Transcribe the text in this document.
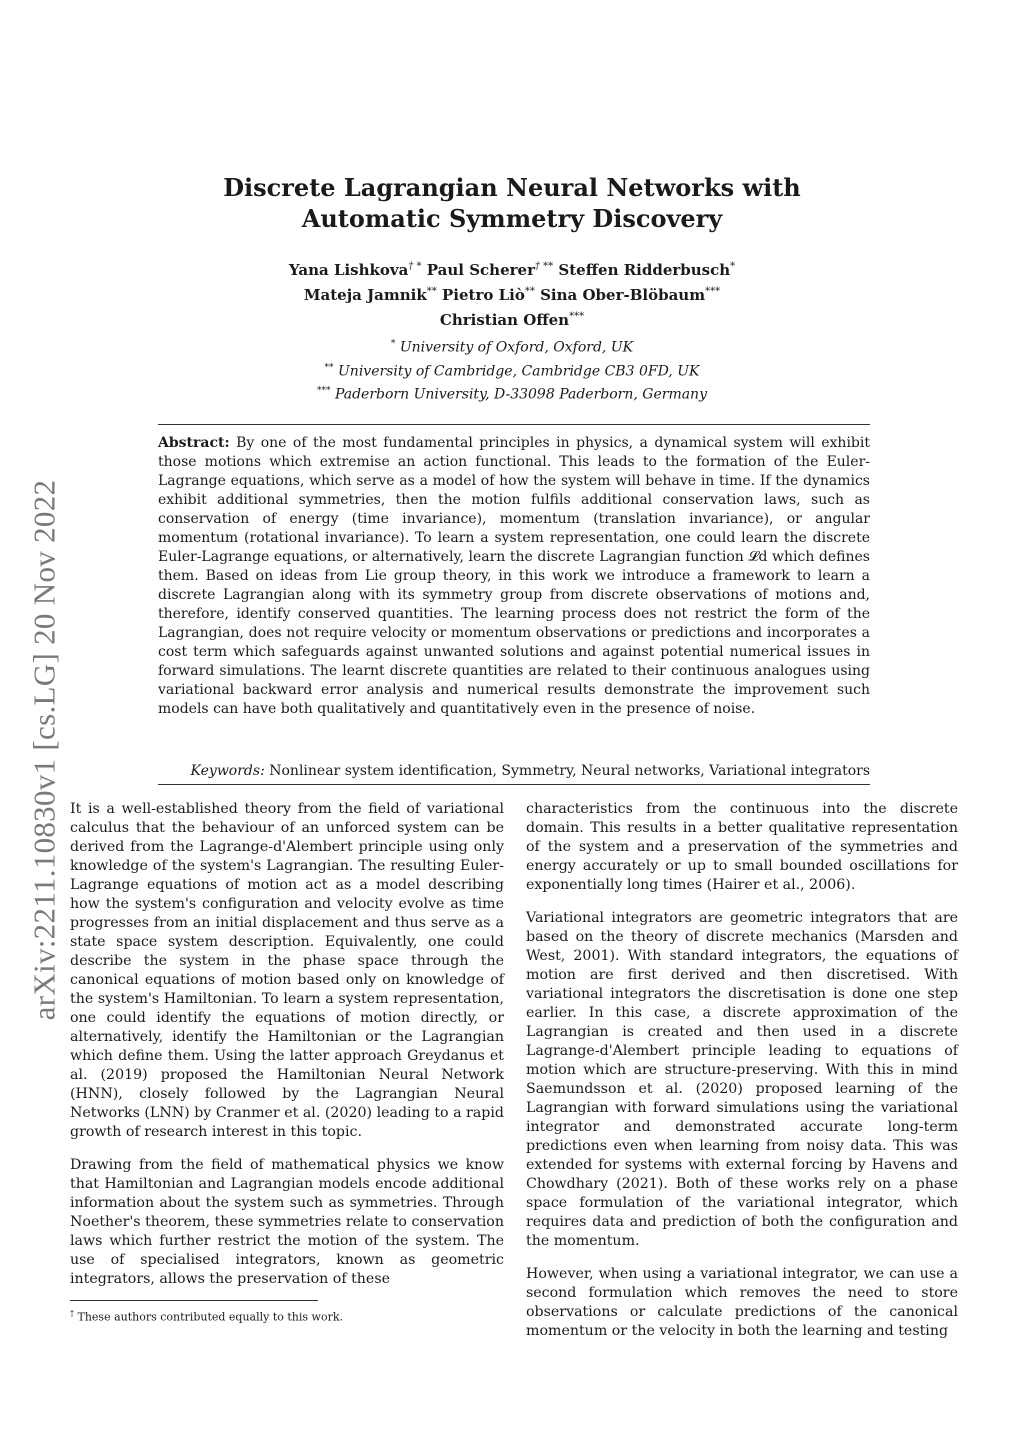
arXiv:2211.10830v1 [cs.LG] 20 Nov 2022
Discrete Lagrangian Neural Networks with
Automatic Symmetry Discovery
Yana Lishkova† * Paul Scherer† ** Steffen Ridderbusch*
Mateja Jamnik** Pietro Liò** Sina Ober-Blöbaum***
Christian Offen***
* University of Oxford, Oxford, UK
** University of Cambridge, Cambridge CB3 0FD, UK
*** Paderborn University, D-33098 Paderborn, Germany
Abstract: By one of the most fundamental principles in physics, a dynamical system will exhibit those motions which extremise an action functional. This leads to the formation of the Euler-Lagrange equations, which serve as a model of how the system will behave in time. If the dynamics exhibit additional symmetries, then the motion fulfils additional conservation laws, such as conservation of energy (time invariance), momentum (translation invariance), or angular momentum (rotational invariance). To learn a system representation, one could learn the discrete Euler-Lagrange equations, or alternatively, learn the discrete Lagrangian function 𝓛d which defines them. Based on ideas from Lie group theory, in this work we introduce a framework to learn a discrete Lagrangian along with its symmetry group from discrete observations of motions and, therefore, identify conserved quantities. The learning process does not restrict the form of the Lagrangian, does not require velocity or momentum observations or predictions and incorporates a cost term which safeguards against unwanted solutions and against potential numerical issues in forward simulations. The learnt discrete quantities are related to their continuous analogues using variational backward error analysis and numerical results demonstrate the improvement such models can have both qualitatively and quantitatively even in the presence of noise.
Keywords: Nonlinear system identification, Symmetry, Neural networks, Variational integrators

It is a well-established theory from the field of variational calculus that the behaviour of an unforced system can be derived from the Lagrange-d'Alembert principle using only knowledge of the system's Lagrangian. The resulting Euler-Lagrange equations of motion act as a model describing how the system's configuration and velocity evolve as time progresses from an initial displacement and thus serve as a state space system description. Equivalently, one could describe the system in the phase space through the canonical equations of motion based only on knowledge of the system's Hamiltonian. To learn a system representation, one could identify the equations of motion directly, or alternatively, identify the Hamiltonian or the Lagrangian which define them. Using the latter approach Greydanus et al. (2019) proposed the Hamiltonian Neural Network (HNN), closely followed by the Lagrangian Neural Networks (LNN) by Cranmer et al. (2020) leading to a rapid growth of research interest in this topic.

Drawing from the field of mathematical physics we know that Hamiltonian and Lagrangian models encode additional information about the system such as symmetries. Through Noether's theorem, these symmetries relate to conservation laws which further restrict the motion of the system. The use of specialised integrators, known as geometric integrators, allows the preservation of these

characteristics from the continuous into the discrete domain. This results in a better qualitative representation of the system and a preservation of the symmetries and energy accurately or up to small bounded oscillations for exponentially long times (Hairer et al., 2006).

Variational integrators are geometric integrators that are based on the theory of discrete mechanics (Marsden and West, 2001). With standard integrators, the equations of motion are first derived and then discretised. With variational integrators the discretisation is done one step earlier. In this case, a discrete approximation of the Lagrangian is created and then used in a discrete Lagrange-d'Alembert principle leading to equations of motion which are structure-preserving. With this in mind Saemundsson et al. (2020) proposed learning of the Lagrangian with forward simulations using the variational integrator and demonstrated accurate long-term predictions even when learning from noisy data. This was extended for systems with external forcing by Havens and Chowdhary (2021). Both of these works rely on a phase space formulation of the variational integrator, which requires data and prediction of both the configuration and the momentum.

However, when using a variational integrator, we can use a second formulation which removes the need to store observations or calculate predictions of the canonical momentum or the velocity in both the learning and testing

† These authors contributed equally to this work.
